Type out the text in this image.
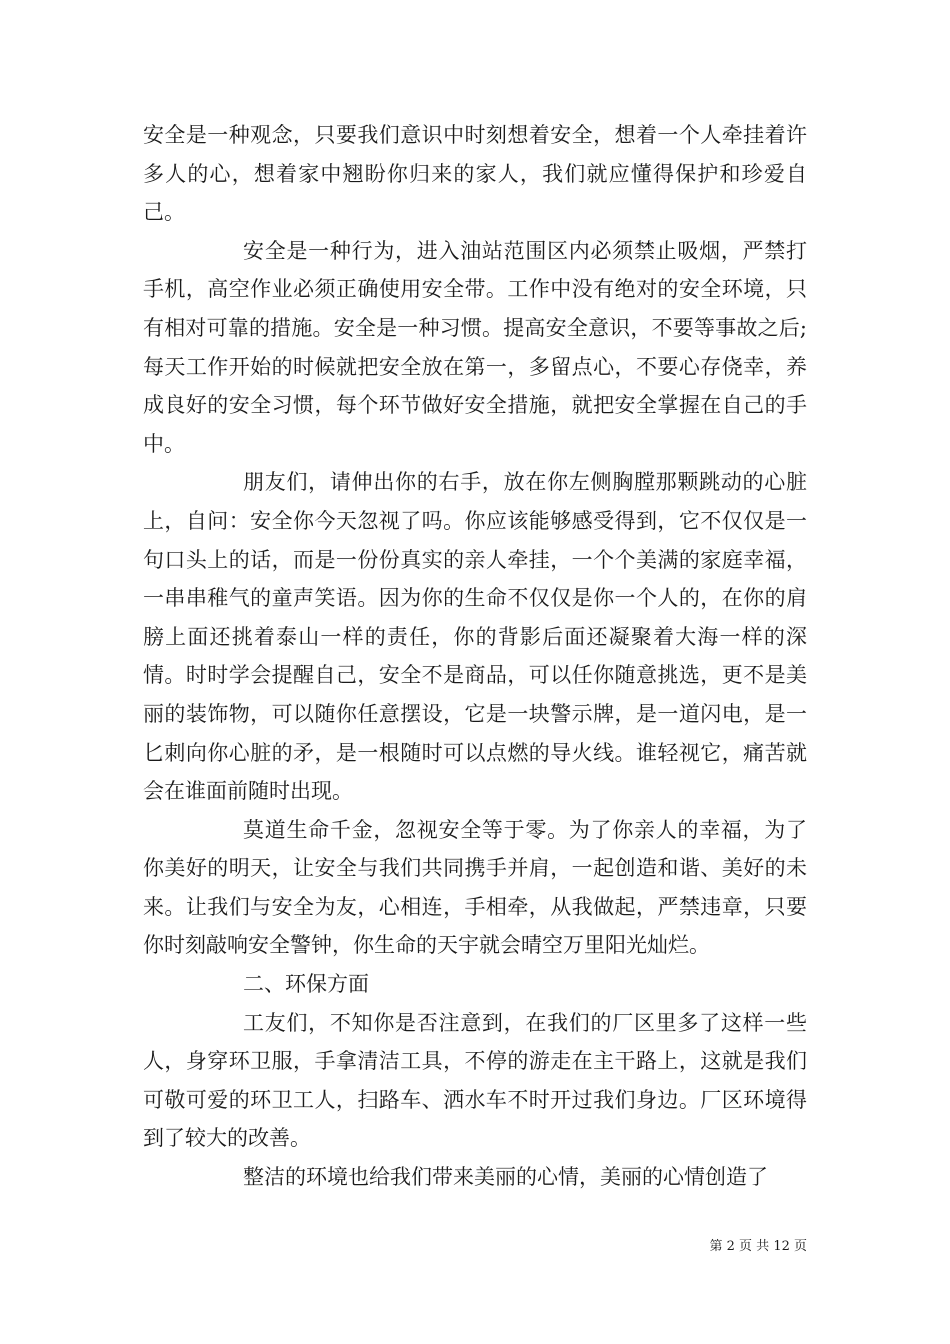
安全是一种观念，只要我们意识中时刻想着安全，想着一个人牵挂着许多人的心，想着家中翘盼你归来的家人，我们就应懂得保护和珍爱自己。

安全是一种行为，进入油站范围区内必须禁止吸烟，严禁打手机，高空作业必须正确使用安全带。工作中没有绝对的安全环境，只有相对可靠的措施。安全是一种习惯。提高安全意识，不要等事故之后;每天工作开始的时候就把安全放在第一，多留点心，不要心存侥幸，养成良好的安全习惯，每个环节做好安全措施，就把安全掌握在自己的手中。

朋友们，请伸出你的右手，放在你左侧胸膛那颗跳动的心脏上，自问：安全你今天忽视了吗。你应该能够感受得到，它不仅仅是一句口头上的话，而是一份份真实的亲人牵挂，一个个美满的家庭幸福，一串串稚气的童声笑语。因为你的生命不仅仅是你一个人的，在你的肩膀上面还挑着泰山一样的责任，你的背影后面还凝聚着大海一样的深情。时时学会提醒自己，安全不是商品，可以任你随意挑选，更不是美丽的装饰物，可以随你任意摆设，它是一块警示牌，是一道闪电，是一匕刺向你心脏的矛，是一根随时可以点燃的导火线。谁轻视它，痛苦就会在谁面前随时出现。

莫道生命千金，忽视安全等于零。为了你亲人的幸福，为了你美好的明天，让安全与我们共同携手并肩，一起创造和谐、美好的未来。让我们与安全为友，心相连，手相牵，从我做起，严禁违章，只要你时刻敲响安全警钟，你生命的天宇就会晴空万里阳光灿烂。

二、环保方面

工友们，不知你是否注意到，在我们的厂区里多了这样一些人，身穿环卫服，手拿清洁工具，不停的游走在主干路上，这就是我们可敬可爱的环卫工人，扫路车、洒水车不时开过我们身边。厂区环境得到了较大的改善。

整洁的环境也给我们带来美丽的心情，美丽的心情创造了

第 2 页 共 12 页
